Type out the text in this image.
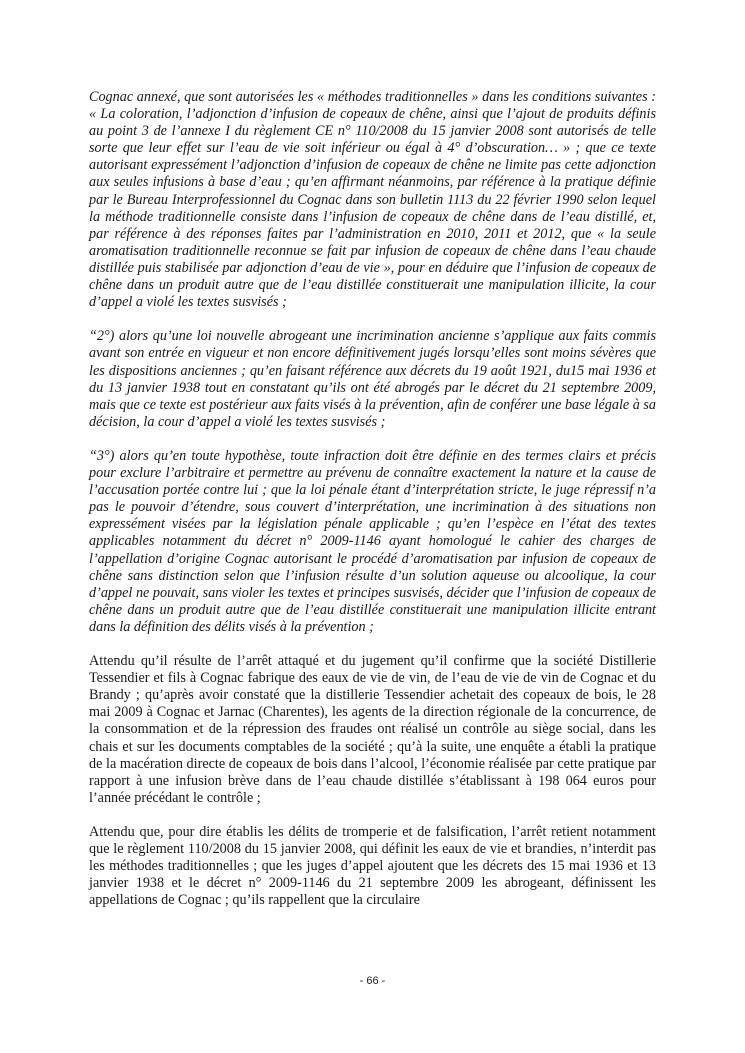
Cognac annexé, que sont autorisées les « méthodes traditionnelles » dans les conditions suivantes : « La coloration, l’adjonction d’infusion de copeaux de chêne, ainsi que l’ajout de produits définis au point 3 de l’annexe I du règlement CE n° 110/2008 du 15 janvier 2008 sont autorisés de telle sorte que leur effet sur l’eau de vie soit inférieur ou égal à 4° d’obscuration… » ; que ce texte autorisant expressément l’adjonction d’infusion de copeaux de chêne ne limite pas cette adjonction aux seules infusions à base d’eau ; qu’en affirmant néanmoins, par référence à la pratique définie par le Bureau Interprofessionnel du Cognac dans son bulletin 1113 du 22 février 1990 selon lequel la méthode traditionnelle consiste dans l’infusion de copeaux de chêne dans de l’eau distillé, et, par référence à des réponses faites par l’administration en 2010, 2011 et 2012, que « la seule aromatisation traditionnelle reconnue se fait par infusion de copeaux de chêne dans l’eau chaude distillée puis stabilisée par adjonction d’eau de vie », pour en déduire que l’infusion de copeaux de chêne dans un produit autre que de l’eau distillée constituerait une manipulation illicite, la cour d’appel a violé les textes susvisés ;

“2°) alors qu’une loi nouvelle abrogeant une incrimination ancienne s’applique aux faits commis avant son entrée en vigueur et non encore définitivement jugés lorsqu’elles sont moins sévères que les dispositions anciennes ; qu’en faisant référence aux décrets du 19 août 1921, du15 mai 1936 et du 13 janvier 1938 tout en constatant qu’ils ont été abrogés par le décret du 21 septembre 2009, mais que ce texte est postérieur aux faits visés à la prévention, afin de conférer une base légale à sa décision, la cour d’appel a violé les textes susvisés ;

“3°) alors qu’en toute hypothèse, toute infraction doit être définie en des termes clairs et précis pour exclure l’arbitraire et permettre au prévenu de connaître exactement la nature et la cause de l’accusation portée contre lui ; que la loi pénale étant d’interprétation stricte, le juge répressif n’a pas le pouvoir d’étendre, sous couvert d’interprétation, une incrimination à des situations non expressément visées par la législation pénale applicable ; qu’en l’espèce en l’état des textes applicables notamment du décret n° 2009-1146 ayant homologué le cahier des charges de l’appellation d’origine Cognac autorisant le procédé d’aromatisation par infusion de copeaux de chêne sans distinction selon que l’infusion résulte d’un solution aqueuse ou alcoolique, la cour d’appel ne pouvait, sans violer les textes et principes susvisés, décider que l’infusion de copeaux de chêne dans un produit autre que de l’eau distillée constituerait une manipulation illicite entrant dans la définition des délits visés à la prévention ;

Attendu qu’il résulte de l’arrêt attaqué et du jugement qu’il confirme que la société Distillerie Tessendier et fils à Cognac fabrique des eaux de vie de vin, de l’eau de vie de vin de Cognac et du Brandy ; qu’après avoir constaté que la distillerie Tessendier achetait des copeaux de bois, le 28 mai 2009 à Cognac et Jarnac (Charentes), les agents de la direction régionale de la concurrence, de la consommation et de la répression des fraudes ont réalisé un contrôle au siège social, dans les chais et sur les documents comptables de la société ; qu’à la suite, une enquête a établi la pratique de la macération directe de copeaux de bois dans l’alcool, l’économie réalisée par cette pratique par rapport à une infusion brève dans de l’eau chaude distillée s’établissant à 198 064 euros pour l’année précédant le contrôle ;

Attendu que, pour dire établis les délits de tromperie et de falsification, l’arrêt retient notamment que le règlement 110/2008 du 15 janvier 2008, qui définit les eaux de vie et brandies, n’interdit pas les méthodes traditionnelles ; que les juges d’appel ajoutent que les décrets des 15 mai 1936 et 13 janvier 1938 et le décret n° 2009-1146 du 21 septembre 2009 les abrogeant, définissent les appellations de Cognac ; qu’ils rappellent que la circulaire

- 66 -
